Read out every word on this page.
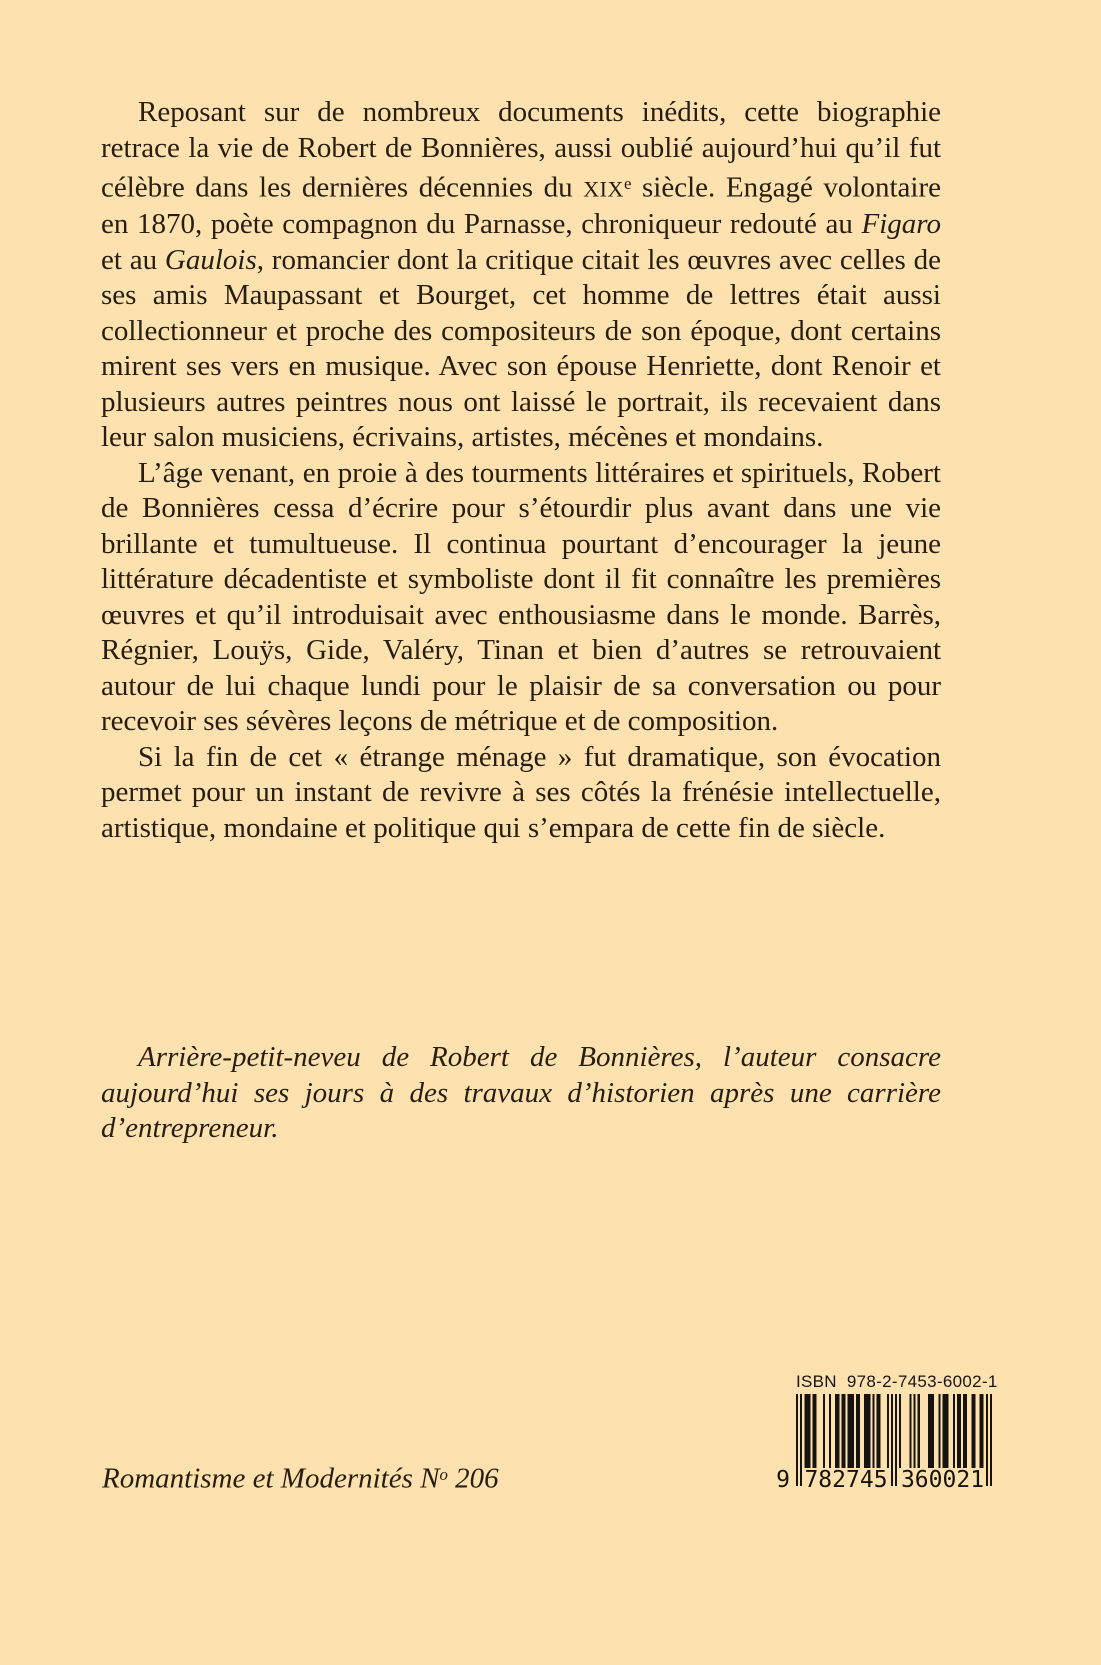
Reposant sur de nombreux documents inédits, cette biographie retrace la vie de Robert de Bonnières, aussi oublié aujourd’hui qu’il fut célèbre dans les dernières décennies du XIXe siècle. Engagé volontaire en 1870, poète compagnon du Parnasse, chroniqueur redouté au Figaro et au Gaulois, romancier dont la critique citait les œuvres avec celles de ses amis Maupassant et Bourget, cet homme de lettres était aussi collectionneur et proche des compositeurs de son époque, dont certains mirent ses vers en musique. Avec son épouse Henriette, dont Renoir et plusieurs autres peintres nous ont laissé le portrait, ils recevaient dans leur salon musiciens, écrivains, artistes, mécènes et mondains.

L’âge venant, en proie à des tourments littéraires et spirituels, Robert de Bonnières cessa d’écrire pour s’étourdir plus avant dans une vie brillante et tumultueuse. Il continua pourtant d’encourager la jeune littérature décadentiste et symboliste dont il fit connaître les premières œuvres et qu’il introduisait avec enthousiasme dans le monde. Barrès, Régnier, Louÿs, Gide, Valéry, Tinan et bien d’autres se retrouvaient autour de lui chaque lundi pour le plaisir de sa conversation ou pour recevoir ses sévères leçons de métrique et de composition.

Si la fin de cet « étrange ménage » fut dramatique, son évocation permet pour un instant de revivre à ses côtés la frénésie intellectuelle, artistique, mondaine et politique qui s’empara de cette fin de siècle.

Arrière-petit-neveu de Robert de Bonnières, l’auteur consacre aujourd’hui ses jours à des travaux d’historien après une carrière d’entrepreneur.

ISBN  978-2-7453-6002-1
9 782745 360021
Romantisme et Modernités $N^o$ 206
